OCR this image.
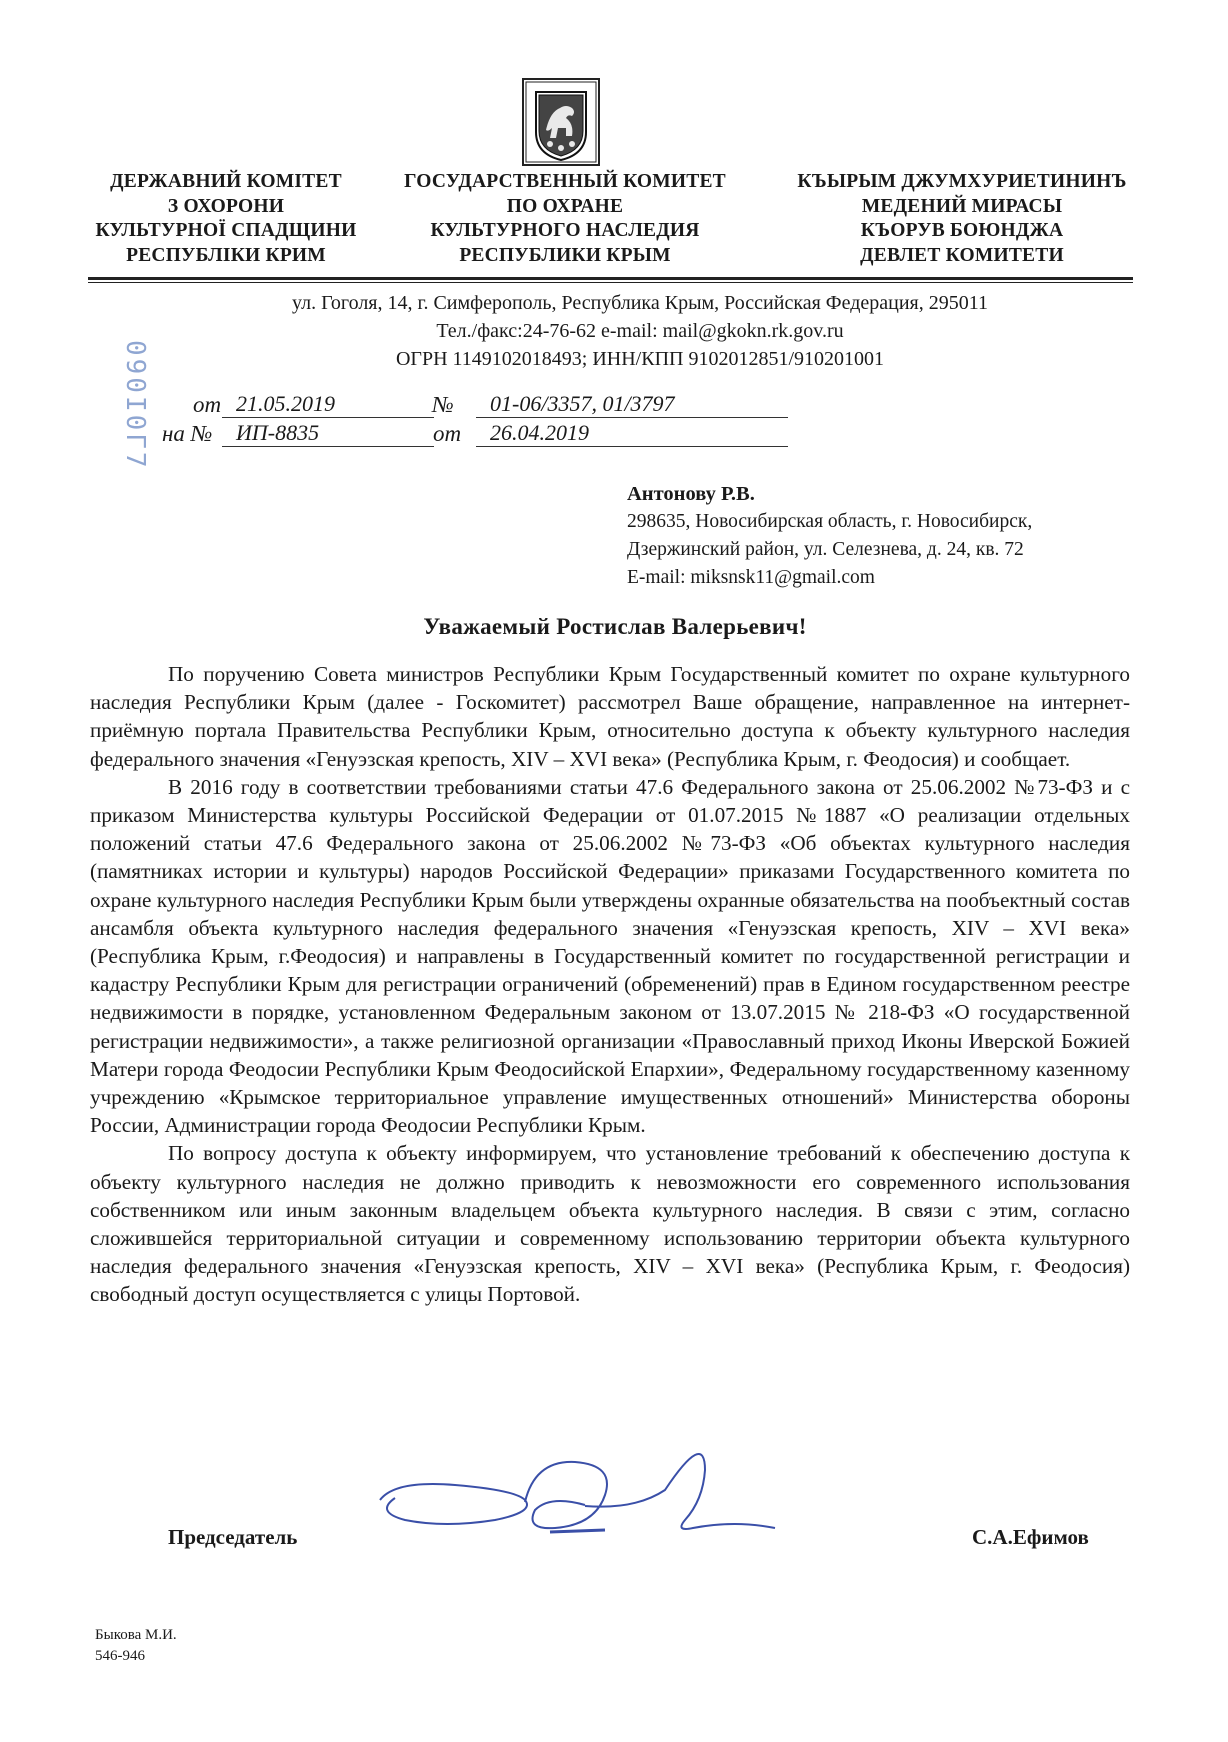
ДЕРЖАВНИЙ КОМІТЕТ
З ОХОРОНИ
КУЛЬТУРНОЇ СПАДЩИНИ
РЕСПУБЛІКИ КРИМ
ГОСУДАРСТВЕННЫЙ КОМИТЕТ
ПО ОХРАНЕ
КУЛЬТУРНОГО НАСЛЕДИЯ
РЕСПУБЛИКИ КРЫМ
КЪЫРЫМ ДЖУМХУРИЕТИНИНЪ
МЕДЕНИЙ МИРАСЫ
КЪОРУВ БОЮНДЖА
ДЕВЛЕТ КОМИТЕТИ
ул. Гоголя, 14, г. Симферополь, Республика Крым, Российская Федерация, 295011
Тел./факс:24-76-62 e-mail: mail@gkokn.rk.gov.ru
ОГРН 1149102018493; ИНН/КПП 9102012851/910201001
090I0Г7 от 21.05.2019	№	01-06/3357, 01/3797
на №	ИП-8835	от	26.04.2019
Антонову Р.В.
298635, Новосибирская область, г. Новосибирск,
Дзержинский район, ул. Селезнева, д. 24, кв. 72
E-mail: miksnsk11@gmail.com
Уважаемый Ростислав Валерьевич!

По поручению Совета министров Республики Крым Государственный комитет по охране культурного наследия Республики Крым (далее - Госкомитет) рассмотрел Ваше обращение, направленное на интернет-приёмную портала Правительства Республики Крым, относительно доступа к объекту культурного наследия федерального значения «Генуэзская крепость, XIV – XVI века» (Республика Крым, г. Феодосия) и сообщает.

В 2016 году в соответствии требованиями статьи 47.6 Федерального закона от 25.06.2002 №73-ФЗ и с приказом Министерства культуры Российской Федерации от 01.07.2015 №1887 «О реализации отдельных положений статьи 47.6 Федерального закона от 25.06.2002 №73-ФЗ «Об объектах культурного наследия (памятниках истории и культуры) народов Российской Федерации» приказами Государственного комитета по охране культурного наследия Республики Крым были утверждены охранные обязательства на пообъектный состав ансамбля объекта культурного наследия федерального значения «Генуэзская крепость, XIV – XVI века» (Республика Крым, г.Феодосия) и направлены в Государственный комитет по государственной регистрации и кадастру Республики Крым для регистрации ограничений (обременений) прав в Едином государственном реестре недвижимости в порядке, установленном Федеральным законом от 13.07.2015 № 218-ФЗ «О государственной регистрации недвижимости», а также религиозной организации «Православный приход Иконы Иверской Божией Матери города Феодосии Республики Крым Феодосийской Епархии», Федеральному государственному казенному учреждению «Крымское территориальное управление имущественных отношений» Министерства обороны России, Администрации города Феодосии Республики Крым.

По вопросу доступа к объекту информируем, что установление требований к обеспечению доступа к объекту культурного наследия не должно приводить к невозможности его современного использования собственником или иным законным владельцем объекта культурного наследия. В связи с этим, согласно сложившейся территориальной ситуации и современному использованию территории объекта культурного наследия федерального значения «Генуэзская крепость, XIV – XVI века» (Республика Крым, г. Феодосия) свободный доступ осуществляется с улицы Портовой.

Председатель	С.А.Ефимов
Быкова М.И.
546-946
